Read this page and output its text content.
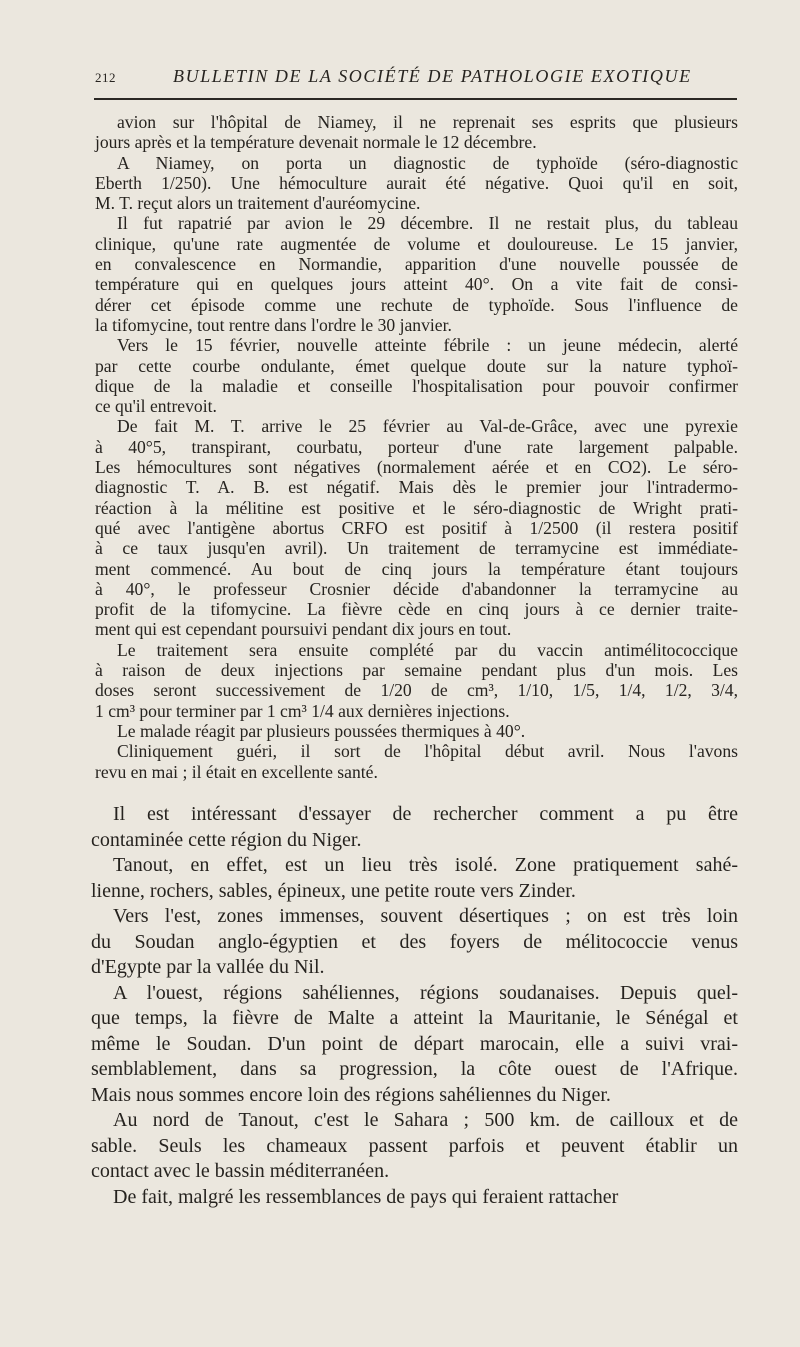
212	BULLETIN DE LA SOCIÉTÉ DE PATHOLOGIE EXOTIQUE

avion sur l'hôpital de Niamey, il ne reprenait ses esprits que plusieurs

jours après et la température devenait normale le 12 décembre.

A Niamey, on porta un diagnostic de typhoïde (séro-diagnostic

Eberth 1/250). Une hémoculture aurait été négative. Quoi qu'il en soit,

M. T. reçut alors un traitement d'auréomycine.

Il fut rapatrié par avion le 29 décembre. Il ne restait plus, du tableau

clinique, qu'une rate augmentée de volume et douloureuse. Le 15 janvier,

en convalescence en Normandie, apparition d'une nouvelle poussée de

température qui en quelques jours atteint 40°. On a vite fait de consi-

dérer cet épisode comme une rechute de typhoïde. Sous l'influence de

la tifomycine, tout rentre dans l'ordre le 30 janvier.

Vers le 15 février, nouvelle atteinte fébrile : un jeune médecin, alerté

par cette courbe ondulante, émet quelque doute sur la nature typhoï-

dique de la maladie et conseille l'hospitalisation pour pouvoir confirmer

ce qu'il entrevoit.

De fait M. T. arrive le 25 février au Val-de-Grâce, avec une pyrexie

à 40°5, transpirant, courbatu, porteur d'une rate largement palpable.

Les hémocultures sont négatives (normalement aérée et en CO2). Le séro-

diagnostic T. A. B. est négatif. Mais dès le premier jour l'intradermo-

réaction à la mélitine est positive et le séro-diagnostic de Wright prati-

qué avec l'antigène abortus CRFO est positif à 1/2500 (il restera positif

à ce taux jusqu'en avril). Un traitement de terramycine est immédiate-

ment commencé. Au bout de cinq jours la température étant toujours

à 40°, le professeur Crosnier décide d'abandonner la terramycine au

profit de la tifomycine. La fièvre cède en cinq jours à ce dernier traite-

ment qui est cependant poursuivi pendant dix jours en tout.

Le traitement sera ensuite complété par du vaccin antimélitococcique

à raison de deux injections par semaine pendant plus d'un mois. Les

doses seront successivement de 1/20 de cm³, 1/10, 1/5, 1/4, 1/2, 3/4,

1 cm³ pour terminer par 1 cm³ 1/4 aux dernières injections.

Le malade réagit par plusieurs poussées thermiques à 40°.

Cliniquement guéri, il sort de l'hôpital début avril. Nous l'avons

revu en mai ; il était en excellente santé.

Il est intéressant d'essayer de rechercher comment a pu être

contaminée cette région du Niger.

Tanout, en effet, est un lieu très isolé. Zone pratiquement sahé-

lienne, rochers, sables, épineux, une petite route vers Zinder.

Vers l'est, zones immenses, souvent désertiques ; on est très loin

du Soudan anglo-égyptien et des foyers de mélitococcie venus

d'Egypte par la vallée du Nil.

A l'ouest, régions sahéliennes, régions soudanaises. Depuis quel-

que temps, la fièvre de Malte a atteint la Mauritanie, le Sénégal et

même le Soudan. D'un point de départ marocain, elle a suivi vrai-

semblablement, dans sa progression, la côte ouest de l'Afrique.

Mais nous sommes encore loin des régions sahéliennes du Niger.

Au nord de Tanout, c'est le Sahara ; 500 km. de cailloux et de

sable. Seuls les chameaux passent parfois et peuvent établir un

contact avec le bassin méditerranéen.

De fait, malgré les ressemblances de pays qui feraient rattacher
